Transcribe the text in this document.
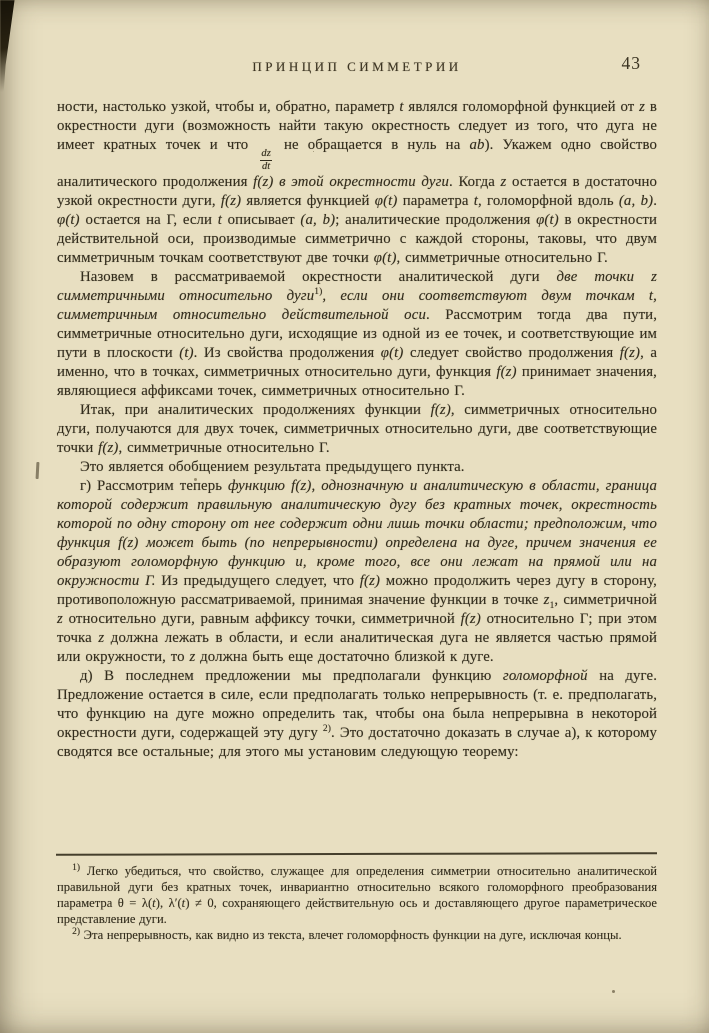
ПРИНЦИП СИММЕТРИИ	43

ности, настолько узкой, чтобы и, обратно, параметр t являлся голоморфной функцией от z в окрестности дуги (возможность найти такую окрестность следует из того, что дуга не имеет кратных точек и что
$\frac{dz}{dt}$
не обращается в нуль на ab). Укажем одно свойство аналитического продолжения f(z) в этой окрестности дуги. Когда z остается в достаточно узкой окрестности дуги, f(z) является функцией φ(t) параметра t, голоморфной вдоль (a, b). φ(t) остается на Γ, если t описывает (a, b); аналитические продолжения φ(t) в окрестности действительной оси, производимые симметрично с каждой стороны, таковы, что двум симметричным точкам соответствуют две точки φ(t), симметричные относительно Γ.

Назовем в рассматриваемой окрестности аналитической дуги две точки z симметричными относительно дуги$^{1)}$, если они соответствуют двум точкам t, симметричным относительно действительной оси. Рассмотрим тогда два пути, симметричные относительно дуги, исходящие из одной из ее точек, и соответствующие им пути в плоскости (t). Из свойства продолжения φ(t) следует свойство продолжения f(z), а именно, что в точках, симметричных относительно дуги, функция f(z) принимает значения, являющиеся аффиксами точек, симметричных относительно Γ.

Итак, при аналитических продолжениях функции f(z), симметричных относительно дуги, получаются для двух точек, симметричных относительно дуги, две соответствующие точки f(z), симметричные относительно Γ.

Это является обобщением результата предыдущего пункта.

г) Рассмотрим теперь функцию f(z), однозначную и аналитическую в области, граница которой содержит правильную аналитическую дугу без кратных точек, окрестность которой по одну сторону от нее содержит одни лишь точки области; предположим, что функция f(z) может быть (по непрерывности) определена на дуге, причем значения ее образуют голоморфную функцию и, кроме того, все они лежат на прямой или на окружности Γ. Из предыдущего следует, что f(z) можно продолжить через дугу в сторону, противоположную рассматриваемой, принимая значение функции в точке $z_1$, симметричной z относительно дуги, равным аффиксу точки, симметричной f(z) относительно Γ; при этом точка z должна лежать в области, и если аналитическая дуга не является частью прямой или окружности, то z должна быть еще достаточно близкой к дуге.

д) В последнем предложении мы предполагали функцию голоморфной на дуге. Предложение остается в силе, если предполагать только непрерывность (т. е. предполагать, что функцию на дуге можно определить так, чтобы она была непрерывна в некоторой окрестности дуги, содержащей эту дугу $^{2)}$. Это достаточно доказать в случае а), к которому сводятся все остальные; для этого мы установим следующую теорему:

$^{1)}$ Легко убедиться, что свойство, служащее для определения симметрии относительно аналитической правильной дуги без кратных точек, инвариантно относительно всякого голоморфного преобразования параметра θ = λ(t), λ′(t) ≠ 0, сохраняющего действительную ось и доставляющего другое параметрическое представление дуги.

$^{2)}$ Эта непрерывность, как видно из текста, влечет голоморфность функции на дуге, исключая концы.
